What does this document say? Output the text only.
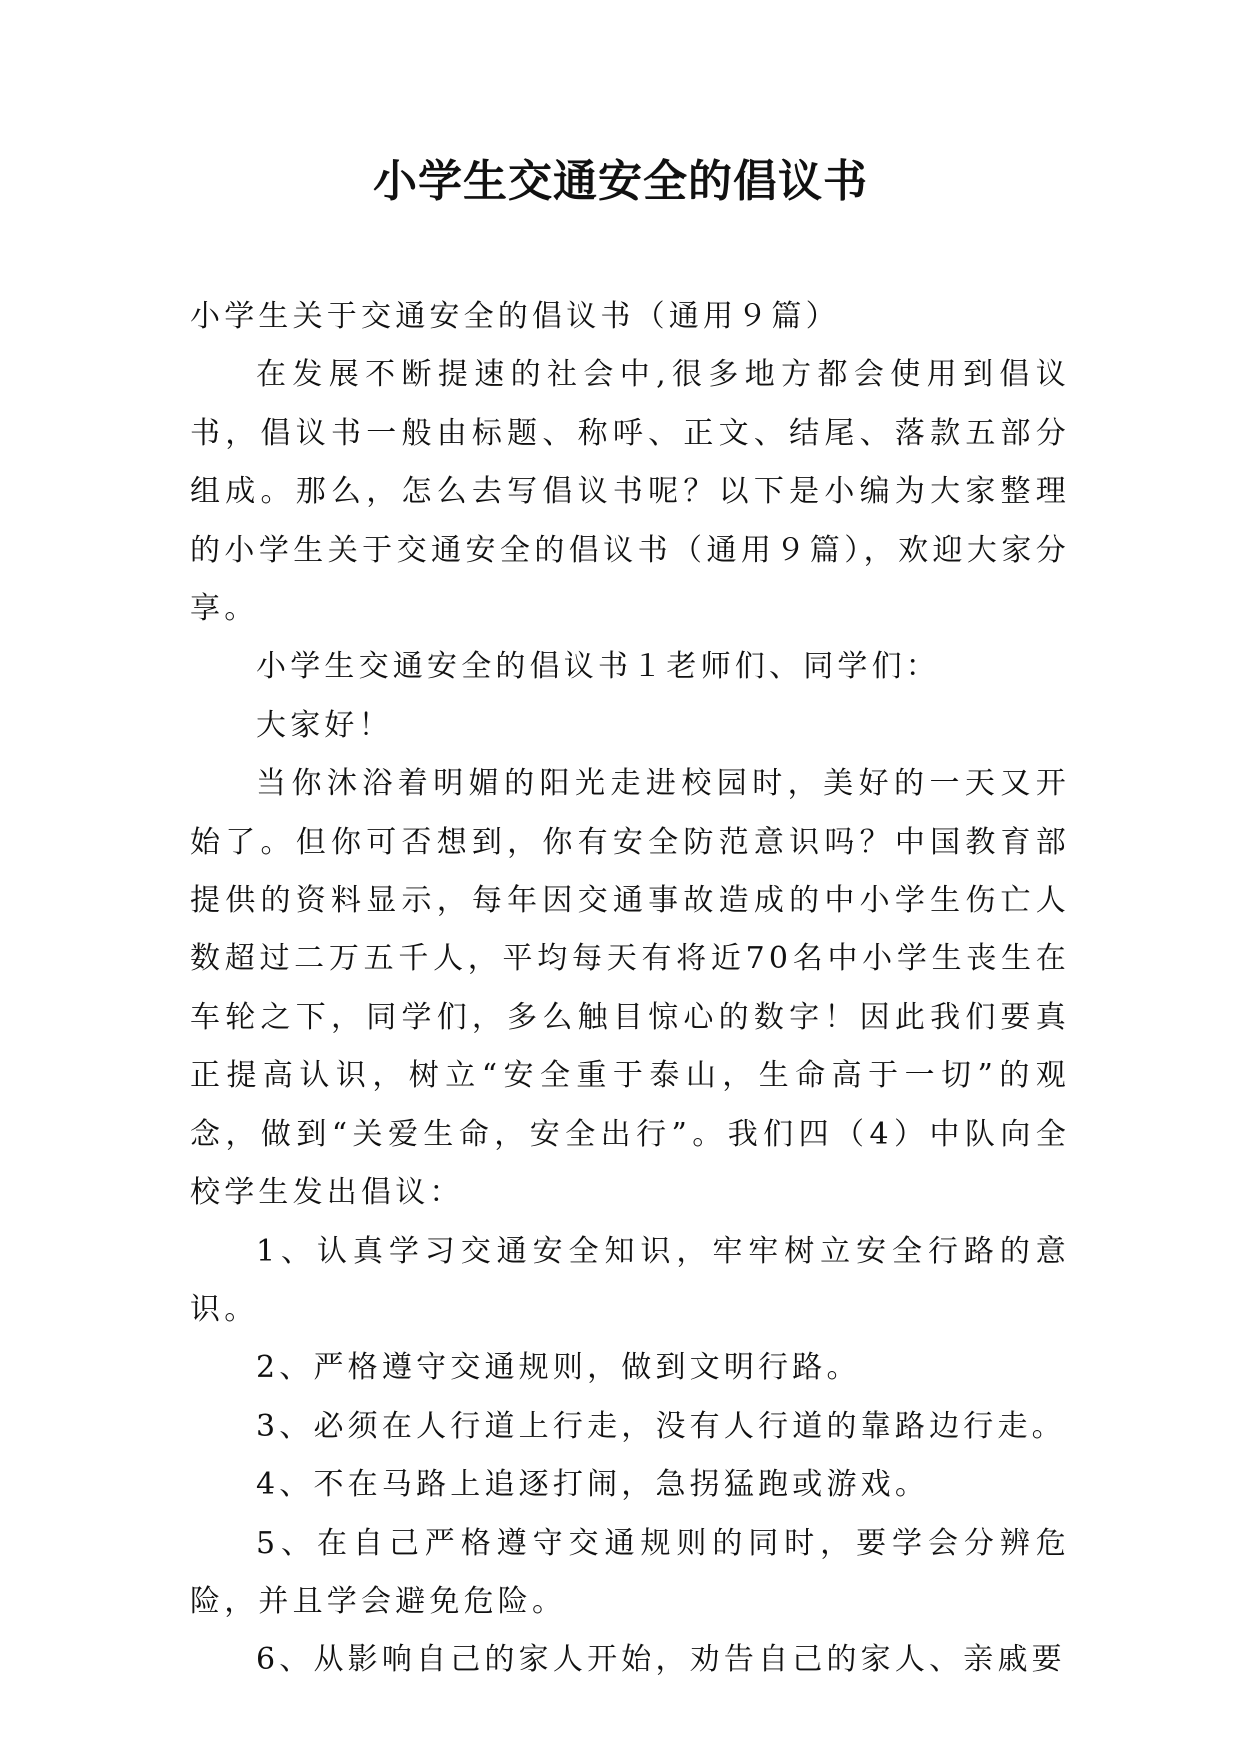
小学生交通安全的倡议书

小学生关于交通安全的倡议书（通用９篇）

在发展不断提速的社会中,很多地方都会使用到倡议书，倡议书一般由标题、称呼、正文、结尾、落款五部分组成。那么，怎么去写倡议书呢？以下是小编为大家整理的小学生关于交通安全的倡议书（通用９篇），欢迎大家分享。

小学生交通安全的倡议书１老师们、同学们：

大家好！

当你沐浴着明媚的阳光走进校园时，美好的一天又开始了。但你可否想到，你有安全防范意识吗？中国教育部提供的资料显示，每年因交通事故造成的中小学生伤亡人数超过二万五千人，平均每天有将近70名中小学生丧生在车轮之下，同学们，多么触目惊心的数字！因此我们要真正提高认识，树立“安全重于泰山，生命高于一切”的观念，做到“关爱生命，安全出行”。我们四（4）中队向全校学生发出倡议：

1、认真学习交通安全知识，牢牢树立安全行路的意识。

2、严格遵守交通规则，做到文明行路。

3、必须在人行道上行走，没有人行道的靠路边行走。

4、不在马路上追逐打闹，急拐猛跑或游戏。

5、在自己严格遵守交通规则的同时，要学会分辨危险，并且学会避免危险。

6、从影响自己的家人开始，劝告自己的家人、亲戚要
